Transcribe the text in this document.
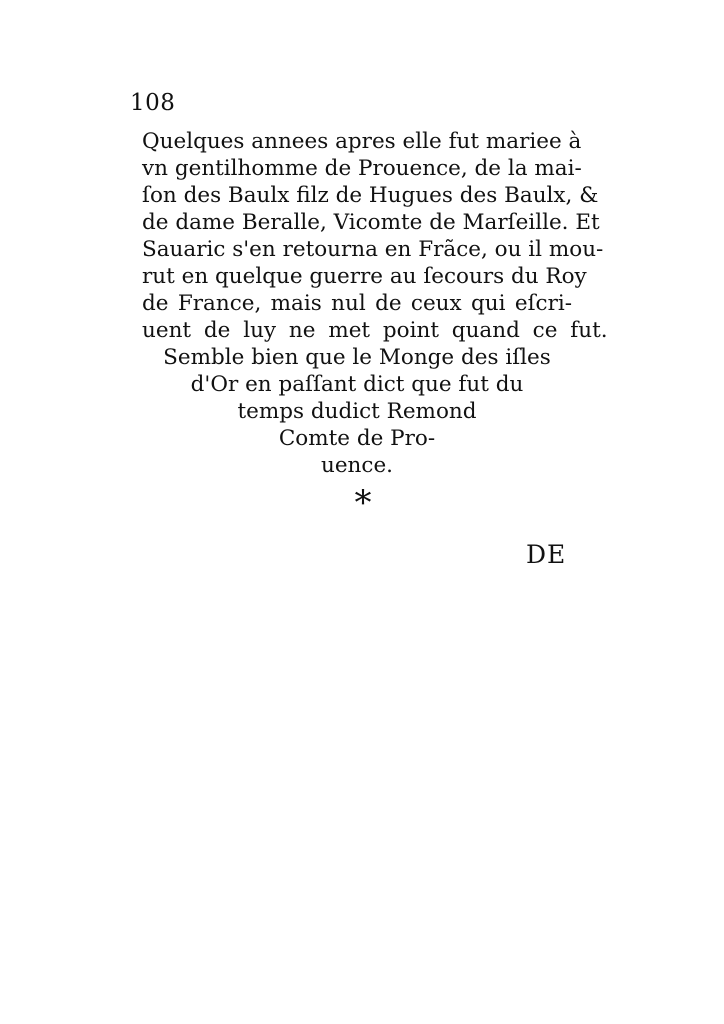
108
Quelques annees apres elle fut mariee à
vn gentilhomme de Prouence, de la mai-
ſon des Baulx filz de Hugues des Baulx, &
de dame Beralle, Vicomte de Marſeille. Et
Sauaric s'en retourna en Frãce, ou il mou-
rut en quelque guerre au ſecours du Roy
de France, mais nul de ceux qui eſcri-
uent de luy ne met point quand ce fut.
Semble bien que le Monge des iſles
d'Or en paſſant dict que fut du
temps dudict Remond
Comte de Pro-
uence.
*
DE
